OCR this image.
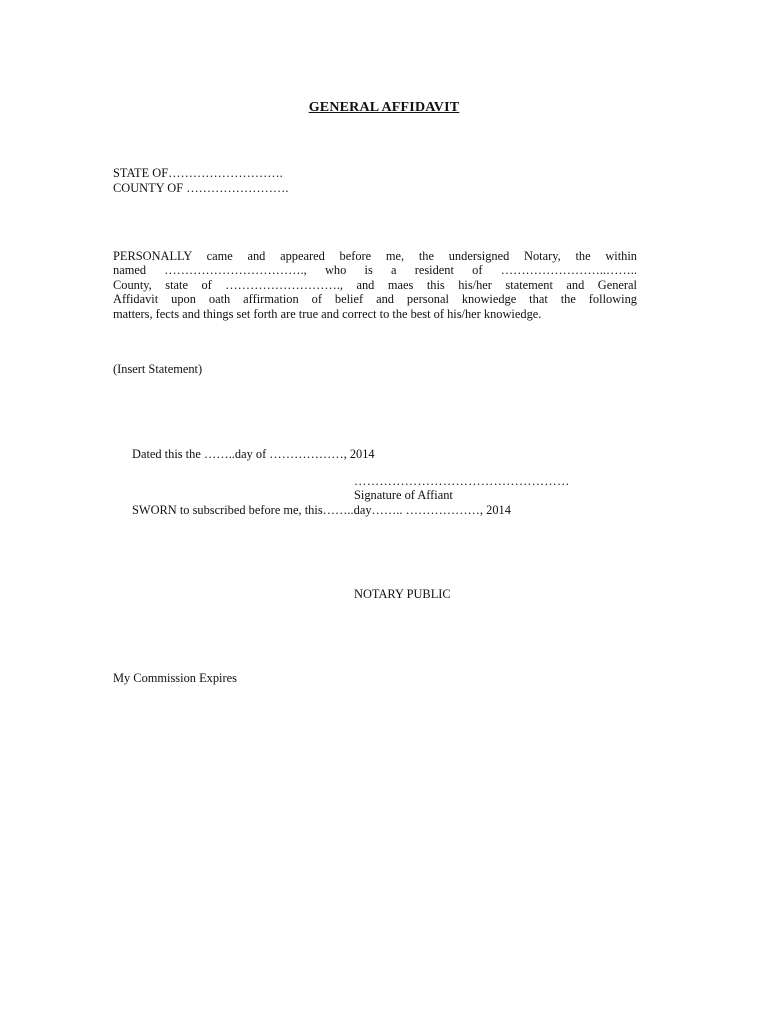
GENERAL AFFIDAVIT
STATE OF……………………….
COUNTY OF …………………….
PERSONALLY came and appeared before me, the undersigned Notary, the within
named ……………………………., who is a resident of ……………………..……..
County, state of ………………………., and maes this his/her statement and General
Affidavit upon oath affirmation of belief and personal knowiedge that the following
matters, fects and things set forth are true and correct to the best of his/her knowiedge.
(Insert Statement)
Dated this the ……..day of ………………, 2014
……………………………………………
Signature of Affiant
SWORN to subscribed before me, this……..day…….. ………………, 2014
NOTARY PUBLIC
My Commission Expires
